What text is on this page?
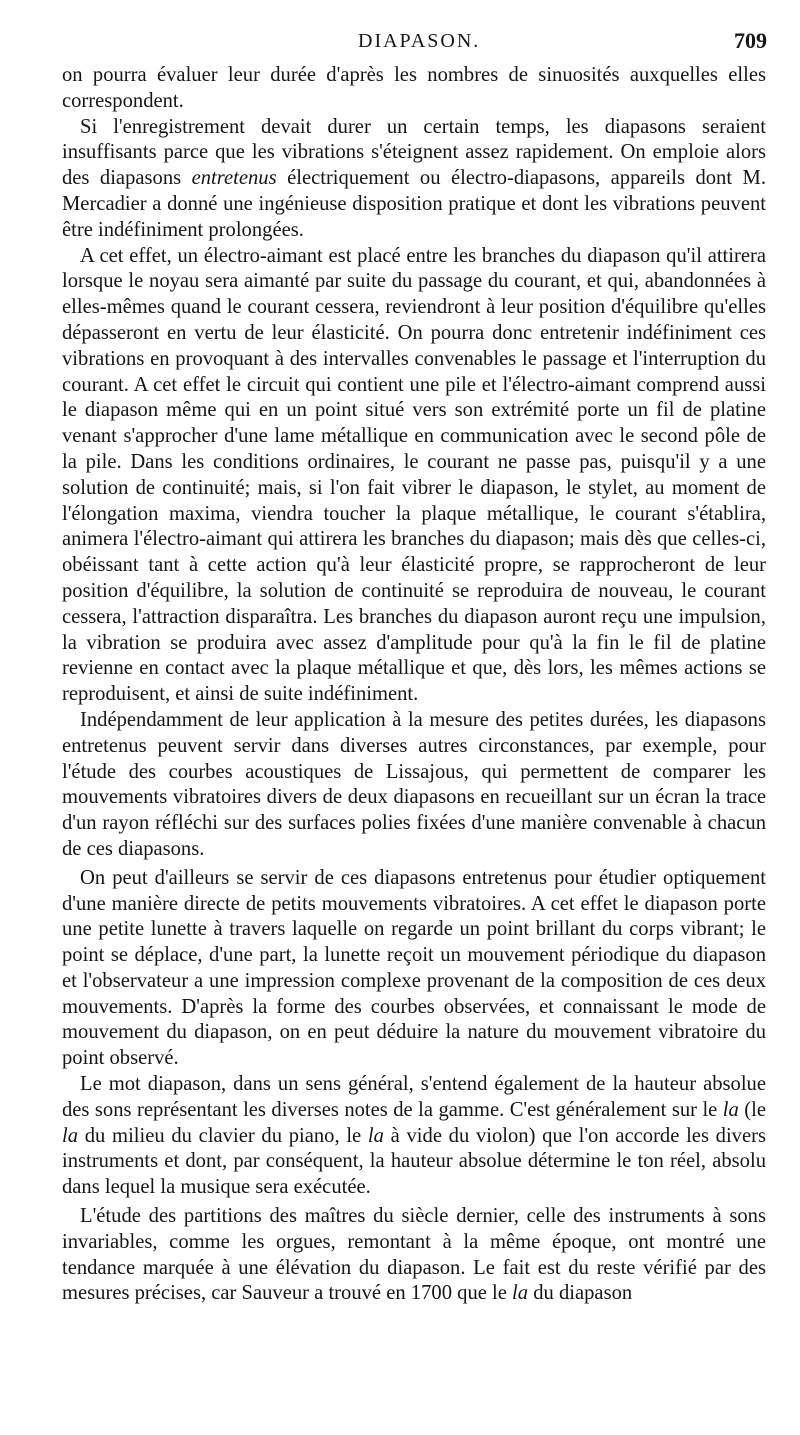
DIAPASON.	709

on pourra évaluer leur durée d'après les nombres de sinuosités auxquelles elles correspondent.

Si l'enregistrement devait durer un certain temps, les diapasons seraient insuffisants parce que les vibrations s'éteignent assez rapidement. On emploie alors des diapasons entretenus électriquement ou électro-diapasons, appareils dont M. Mercadier a donné une ingénieuse disposition pratique et dont les vibrations peuvent être indéfiniment prolongées.

A cet effet, un électro-aimant est placé entre les branches du diapason qu'il attirera lorsque le noyau sera aimanté par suite du passage du courant, et qui, abandonnées à elles-mêmes quand le courant cessera, reviendront à leur position d'équilibre qu'elles dépasseront en vertu de leur élasticité. On pourra donc entretenir indéfiniment ces vibrations en provoquant à des intervalles convenables le passage et l'interruption du courant. A cet effet le circuit qui contient une pile et l'électro-aimant comprend aussi le diapason même qui en un point situé vers son extrémité porte un fil de platine venant s'approcher d'une lame métallique en communication avec le second pôle de la pile. Dans les conditions ordinaires, le courant ne passe pas, puisqu'il y a une solution de continuité; mais, si l'on fait vibrer le diapason, le stylet, au moment de l'élongation maxima, viendra toucher la plaque métallique, le courant s'établira, animera l'électro-aimant qui attirera les branches du diapason; mais dès que celles-ci, obéissant tant à cette action qu'à leur élasticité propre, se rapprocheront de leur position d'équilibre, la solution de continuité se reproduira de nouveau, le courant cessera, l'attraction disparaîtra. Les branches du diapason auront reçu une impulsion, la vibration se produira avec assez d'amplitude pour qu'à la fin le fil de platine revienne en contact avec la plaque métallique et que, dès lors, les mêmes actions se reproduisent, et ainsi de suite indéfiniment.

Indépendamment de leur application à la mesure des petites durées, les diapasons entretenus peuvent servir dans diverses autres circonstances, par exemple, pour l'étude des courbes acoustiques de Lissajous, qui permettent de comparer les mouvements vibratoires divers de deux diapasons en recueillant sur un écran la trace d'un rayon réfléchi sur des surfaces polies fixées d'une manière convenable à chacun de ces diapasons.

On peut d'ailleurs se servir de ces diapasons entretenus pour étudier optiquement d'une manière directe de petits mouvements vibratoires. A cet effet le diapason porte une petite lunette à travers laquelle on regarde un point brillant du corps vibrant; le point se déplace, d'une part, la lunette reçoit un mouvement périodique du diapason et l'observateur a une impression complexe provenant de la composition de ces deux mouvements. D'après la forme des courbes observées, et connaissant le mode de mouvement du diapason, on en peut déduire la nature du mouvement vibratoire du point observé.

Le mot diapason, dans un sens général, s'entend également de la hauteur absolue des sons représentant les diverses notes de la gamme. C'est généralement sur le la (le la du milieu du clavier du piano, le la à vide du violon) que l'on accorde les divers instruments et dont, par conséquent, la hauteur absolue détermine le ton réel, absolu dans lequel la musique sera exécutée.

L'étude des partitions des maîtres du siècle dernier, celle des instruments à sons invariables, comme les orgues, remontant à la même époque, ont montré une tendance marquée à une élévation du diapason. Le fait est du reste vérifié par des mesures précises, car Sauveur a trouvé en 1700 que le la du diapason
